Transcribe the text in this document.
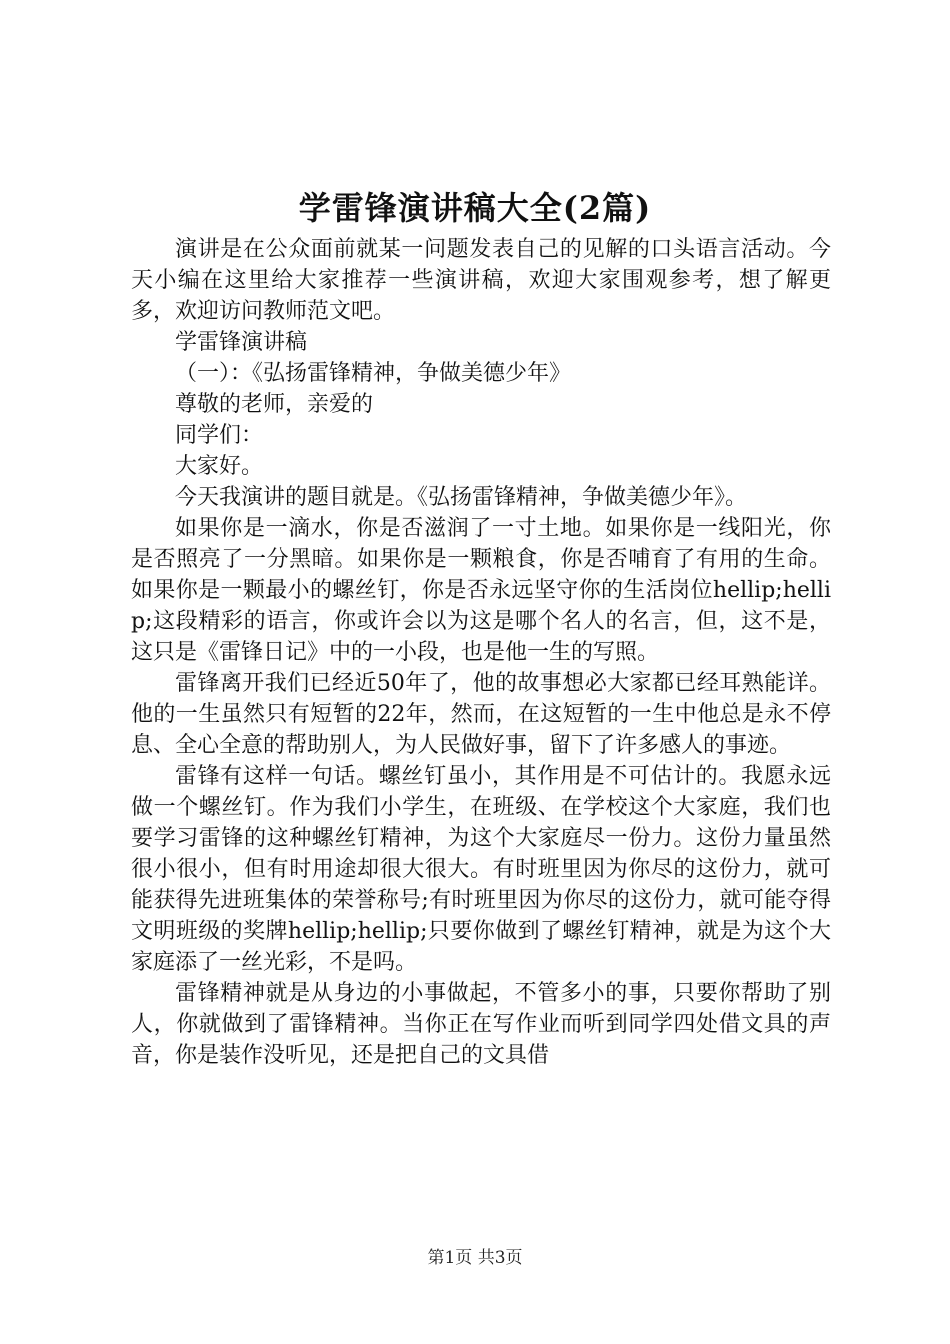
学雷锋演讲稿大全(2篇)

演讲是在公众面前就某一问题发表自己的见解的口头语言活动。今天小编在这里给大家推荐一些演讲稿，欢迎大家围观参考，想了解更多，欢迎访问教师范文吧。

学雷锋演讲稿

（一）：《弘扬雷锋精神，争做美德少年》

尊敬的老师，亲爱的

同学们：

大家好。

今天我演讲的题目就是。《弘扬雷锋精神，争做美德少年》。

如果你是一滴水，你是否滋润了一寸土地。如果你是一线阳光，你是否照亮了一分黑暗。如果你是一颗粮食，你是否哺育了有用的生命。如果你是一颗最小的螺丝钉，你是否永远坚守你的生活岗位hellip;hellip;这段精彩的语言，你或许会以为这是哪个名人的名言，但，这不是，这只是《雷锋日记》中的一小段，也是他一生的写照。

雷锋离开我们已经近50年了，他的故事想必大家都已经耳熟能详。他的一生虽然只有短暂的22年，然而，在这短暂的一生中他总是永不停息、全心全意的帮助别人，为人民做好事，留下了许多感人的事迹。

雷锋有这样一句话。螺丝钉虽小，其作用是不可估计的。我愿永远做一个螺丝钉。作为我们小学生，在班级、在学校这个大家庭，我们也要学习雷锋的这种螺丝钉精神，为这个大家庭尽一份力。这份力量虽然很小很小，但有时用途却很大很大。有时班里因为你尽的这份力，就可能获得先进班集体的荣誉称号;有时班里因为你尽的这份力，就可能夺得文明班级的奖牌hellip;hellip;只要你做到了螺丝钉精神，就是为这个大家庭添了一丝光彩，不是吗。

雷锋精神就是从身边的小事做起，不管多小的事，只要你帮助了别人，你就做到了雷锋精神。当你正在写作业而听到同学四处借文具的声音，你是装作没听见，还是把自己的文具借

第1页 共3页
